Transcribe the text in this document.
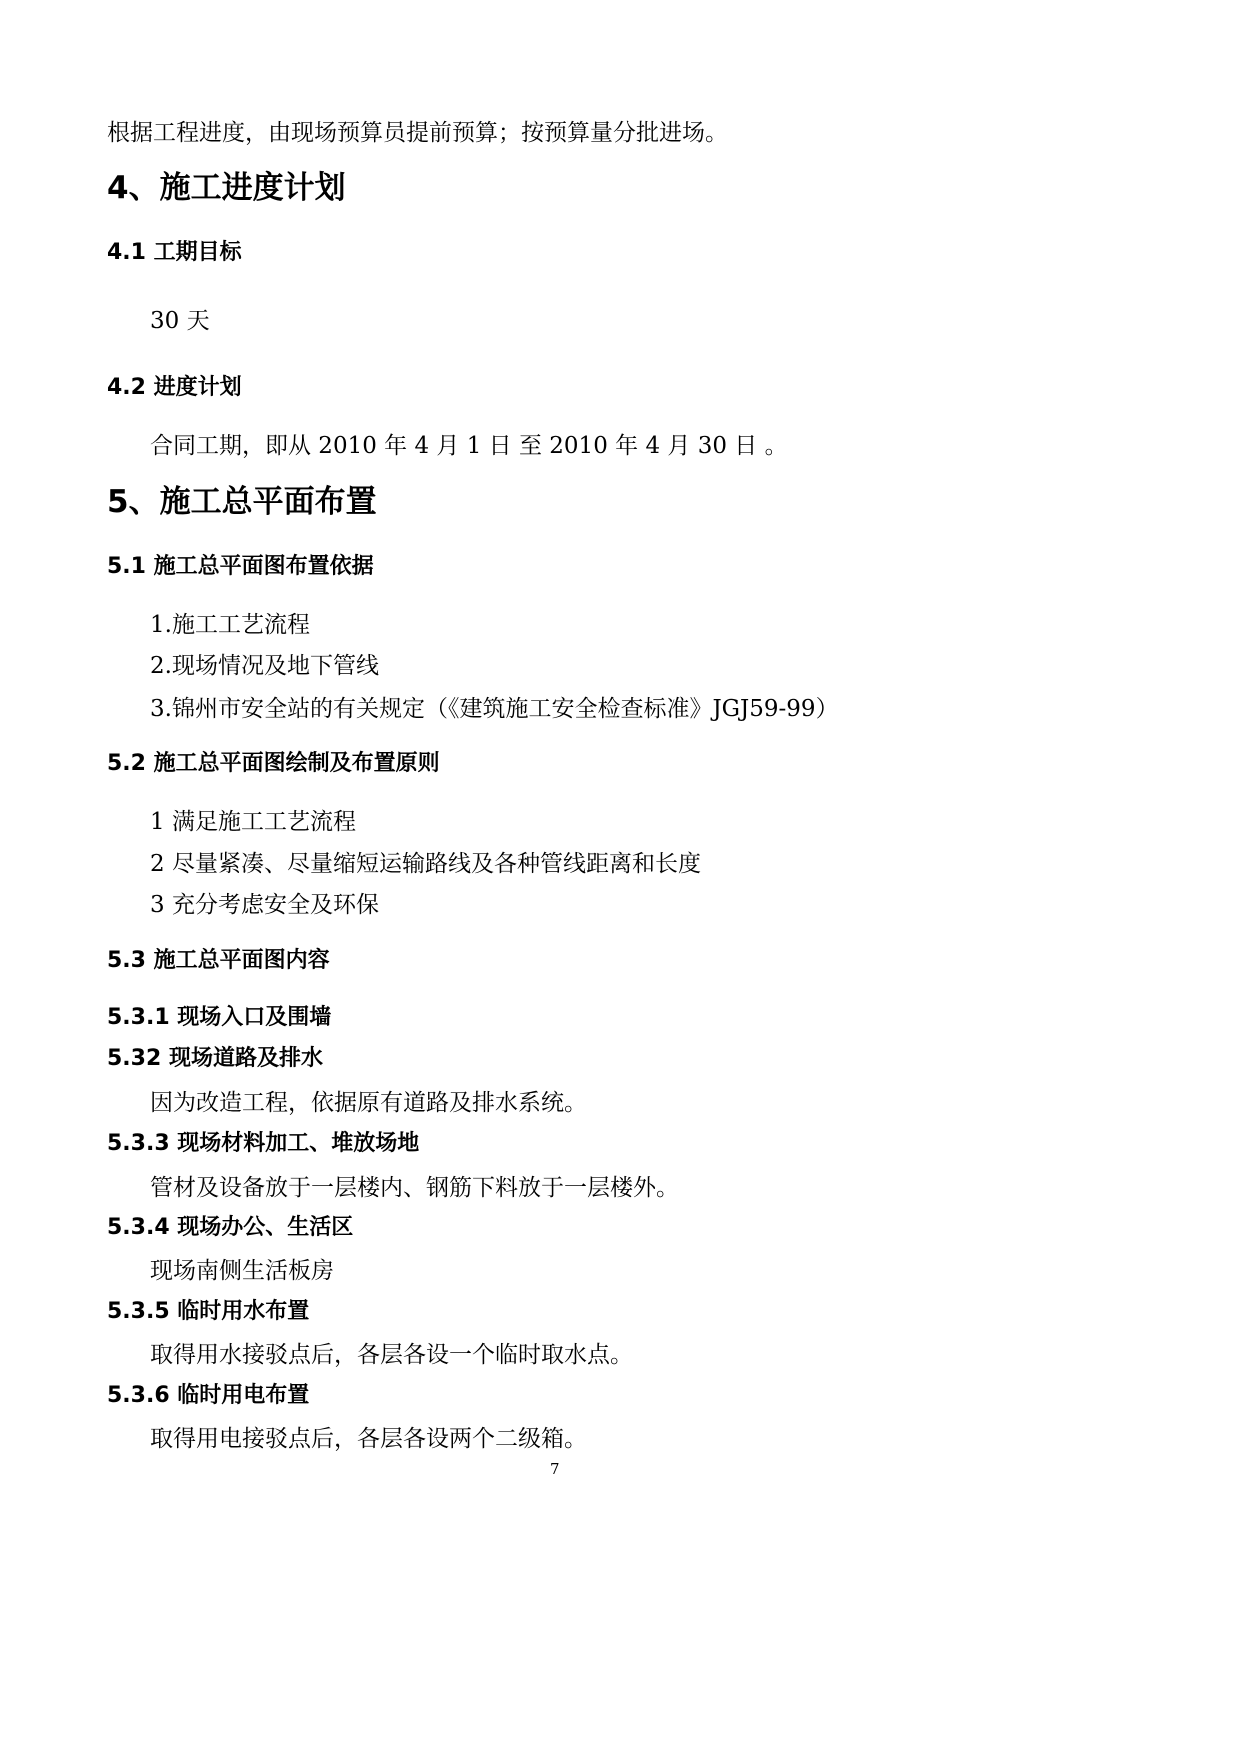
根据工程进度，由现场预算员提前预算；按预算量分批进场。

4、施工进度计划
4.1 工期目标

30 天

4.2 进度计划

合同工期，即从 2010 年 4 月 1 日 至 2010 年 4 月 30 日 。

5、施工总平面布置
5.1 施工总平面图布置依据

1.施工工艺流程

2.现场情况及地下管线

3.锦州市安全站的有关规定（《建筑施工安全检查标准》JGJ59-99）

5.2 施工总平面图绘制及布置原则

1 满足施工工艺流程

2 尽量紧凑、尽量缩短运输路线及各种管线距离和长度

3 充分考虑安全及环保

5.3 施工总平面图内容
5.3.1 现场入口及围墙
5.32 现场道路及排水

因为改造工程，依据原有道路及排水系统。

5.3.3 现场材料加工、堆放场地

管材及设备放于一层楼内、钢筋下料放于一层楼外。

5.3.4 现场办公、生活区

现场南侧生活板房

5.3.5 临时用水布置

取得用水接驳点后，各层各设一个临时取水点。

5.3.6 临时用电布置

取得用电接驳点后，各层各设两个二级箱。

7
